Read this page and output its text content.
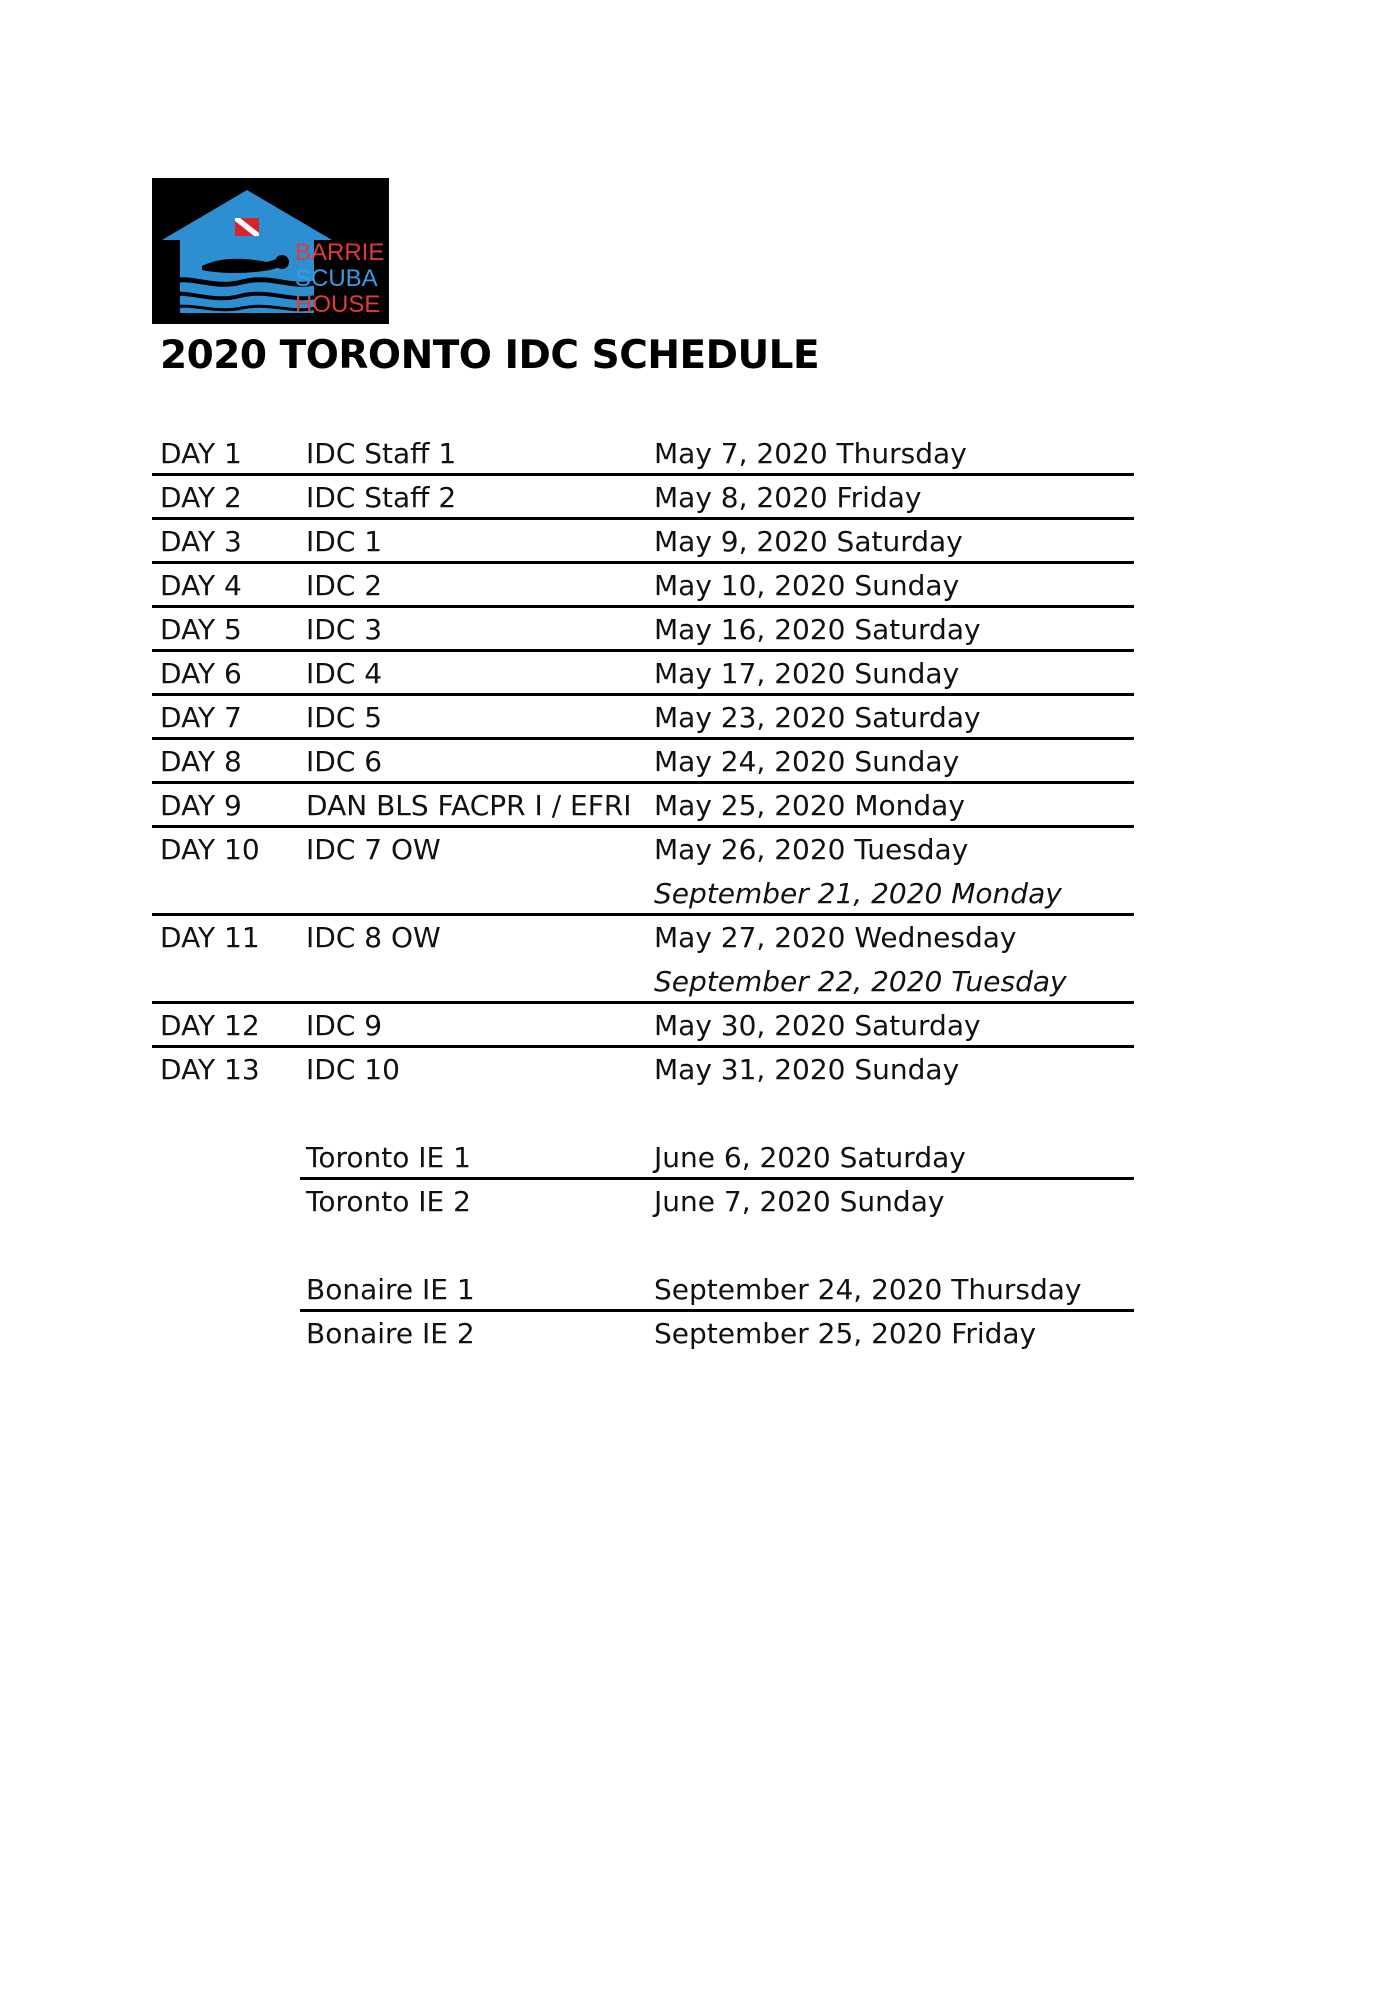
BARRIE
SCUBA
HOUSE
2020 TORONTO IDC SCHEDULE
DAY 1 IDC Staff 1	May 7, 2020 Thursday
DAY 2 IDC Staff 2	May 8, 2020 Friday
DAY 3 IDC 1	May 9, 2020 Saturday
DAY 4 IDC 2	May 10, 2020 Sunday
DAY 5 IDC 3	May 16, 2020 Saturday
DAY 6 IDC 4	May 17, 2020 Sunday
DAY 7 IDC 5	May 23, 2020 Saturday
DAY 8 IDC 6	May 24, 2020 Sunday
DAY 9 DAN BLS FACPR I / EFRI May 25, 2020 Monday
DAY 10 IDC 7 OW	May 26, 2020 Tuesday
September 21, 2020 Monday
DAY 11 IDC 8 OW	May 27, 2020 Wednesday
September 22, 2020 Tuesday
DAY 12 IDC 9	May 30, 2020 Saturday
DAY 13 IDC 10	May 31, 2020 Sunday
Toronto IE 1	June 6, 2020 Saturday
Toronto IE 2	June 7, 2020 Sunday
Bonaire IE 1	September 24, 2020 Thursday
Bonaire IE 2	September 25, 2020 Friday
